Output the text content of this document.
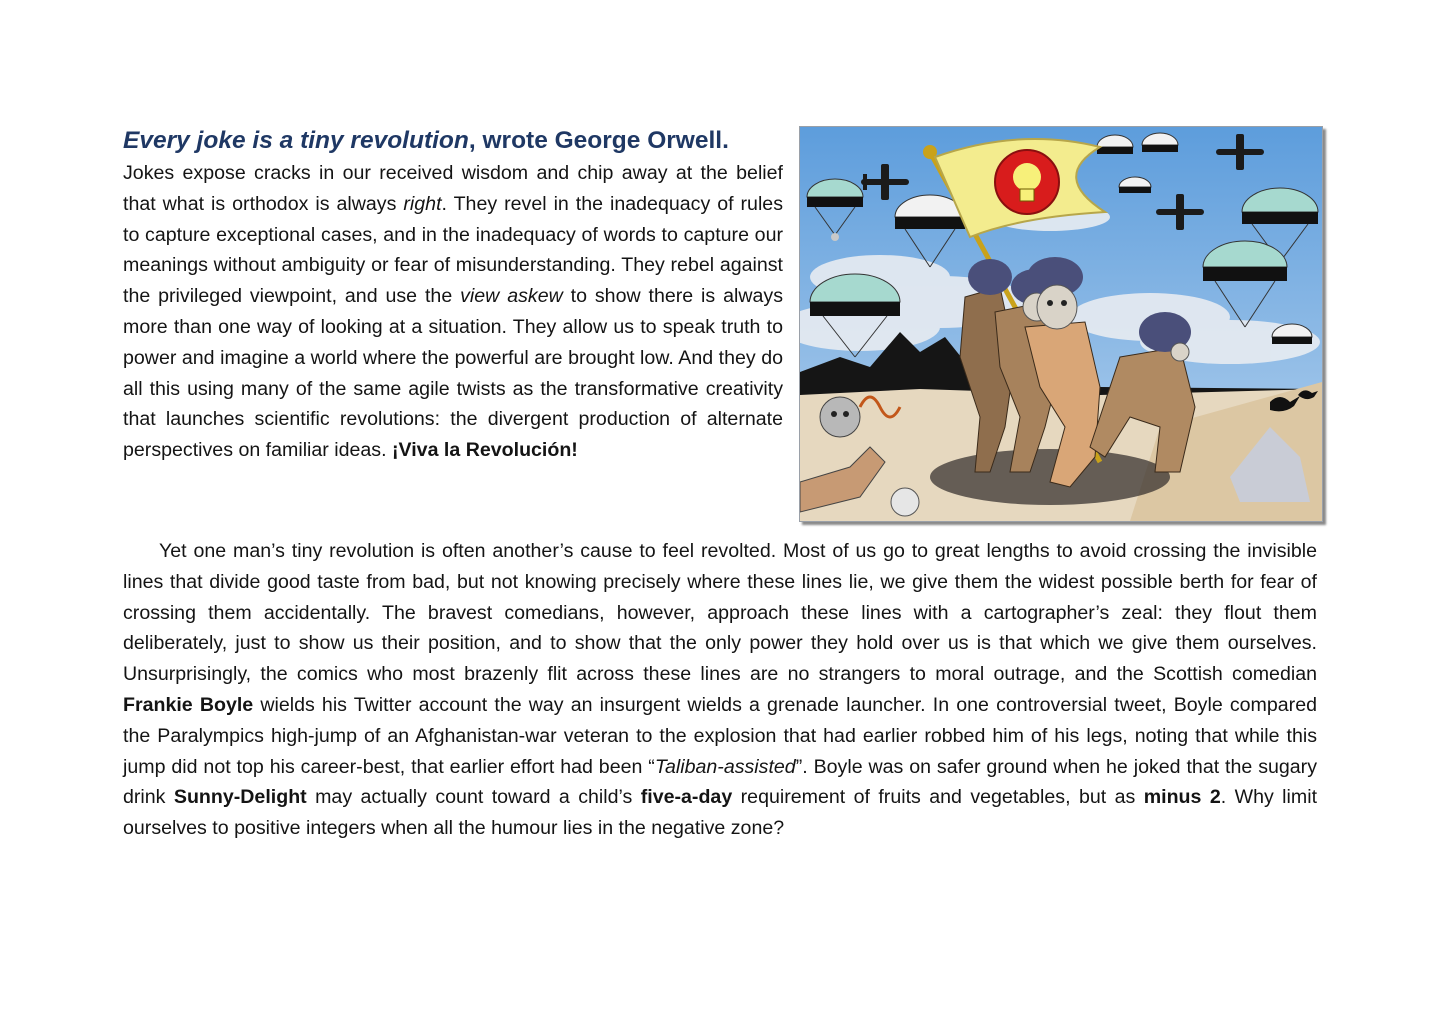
Every joke is a tiny revolution, wrote George Orwell.

Jokes expose cracks in our received wisdom and chip away at the belief that what is orthodox is always right. They revel in the inadequacy of rules to capture exceptional cases, and in the inadequacy of words to capture our meanings without ambiguity or fear of misunderstanding. They rebel against the privileged viewpoint, and use the view askew to show there is always more than one way of looking at a situation. They allow us to speak truth to power and imagine a world where the powerful are brought low. And they do all this using many of the same agile twists as the transformative creativity that launches scientific revolutions: the divergent production of alternate perspectives on familiar ideas. ¡Viva la Revolución!

Yet one man’s tiny revolution is often another’s cause to feel revolted. Most of us go to great lengths to avoid crossing the invisible lines that divide good taste from bad, but not knowing precisely where these lines lie, we give them the widest possible berth for fear of crossing them accidentally. The bravest comedians, however, approach these lines with a cartographer’s zeal: they flout them deliberately, just to show us their position, and to show that the only power they hold over us is that which we give them ourselves. Unsurprisingly, the comics who most brazenly flit across these lines are no strangers to moral outrage, and the Scottish comedian Frankie Boyle wields his Twitter account the way an insurgent wields a grenade launcher. In one controversial tweet, Boyle compared the Paralympics high-jump of an Afghanistan-war veteran to the explosion that had earlier robbed him of his legs, noting that while this jump did not top his career-best, that earlier effort had been “Taliban-assisted”. Boyle was on safer ground when he joked that the sugary drink Sunny-Delight may actually count toward a child’s five-a-day requirement of fruits and vegetables, but as minus 2. Why limit ourselves to positive integers when all the humour lies in the negative zone?
